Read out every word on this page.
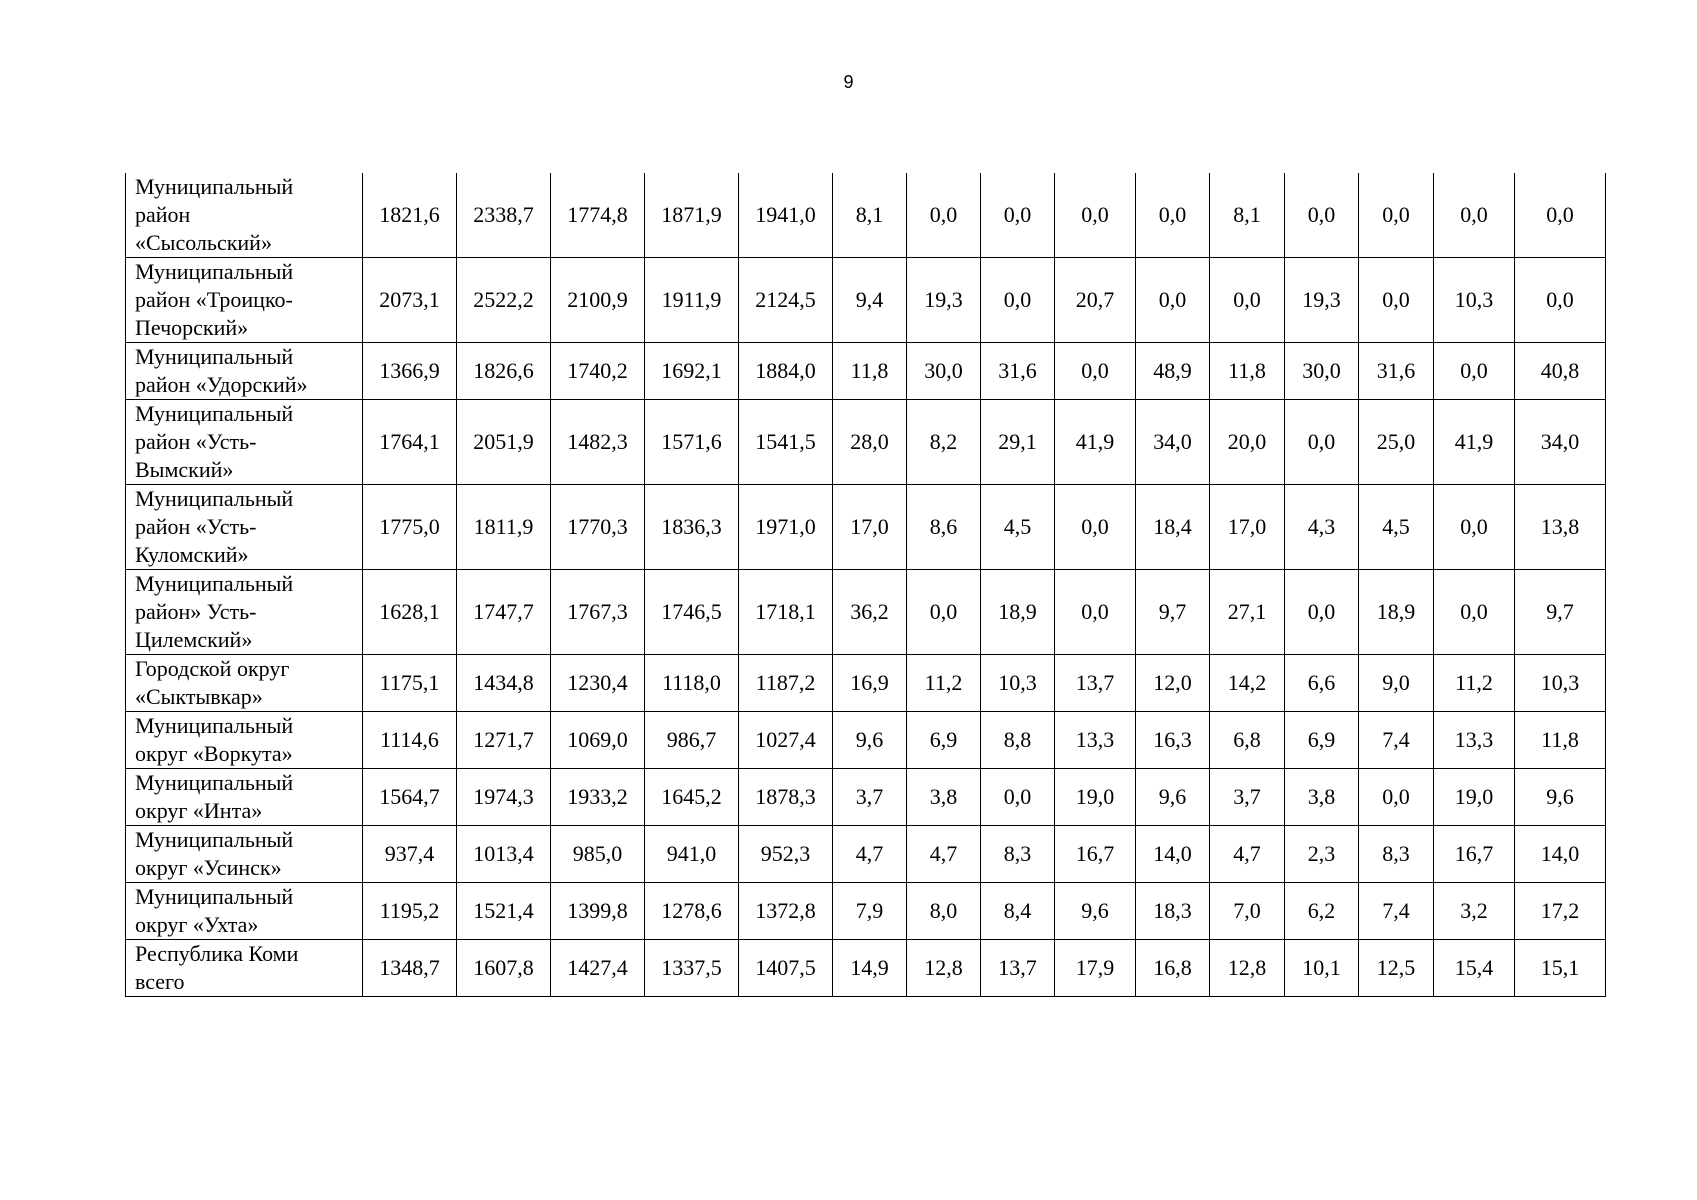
9
Муниципальный
район
«Сысольский»	1821,6	2338,7	1774,8	1871,9	1941,0	8,1	0,0	0,0	0,0	0,0	8,1	0,0	0,0	0,0	0,0

Муниципальный
район «Троицко-
Печорский»	2073,1	2522,2	2100,9	1911,9	2124,5	9,4	19,3	0,0	20,7	0,0	0,0	19,3	0,0	10,3	0,0

Муниципальный
район «Удорский»	1366,9	1826,6	1740,2	1692,1	1884,0	11,8	30,0	31,6	0,0	48,9	11,8	30,0	31,6	0,0	40,8

Муниципальный
район «Усть-
Вымский»	1764,1	2051,9	1482,3	1571,6	1541,5	28,0	8,2	29,1	41,9	34,0	20,0	0,0	25,0	41,9	34,0

Муниципальный
район «Усть-
Куломский»	1775,0	1811,9	1770,3	1836,3	1971,0	17,0	8,6	4,5	0,0	18,4	17,0	4,3	4,5	0,0	13,8

Муниципальный
район» Усть-
Цилемский»	1628,1	1747,7	1767,3	1746,5	1718,1	36,2	0,0	18,9	0,0	9,7	27,1	0,0	18,9	0,0	9,7

Городской округ
«Сыктывкар»	1175,1	1434,8	1230,4	1118,0	1187,2	16,9	11,2	10,3	13,7	12,0	14,2	6,6	9,0	11,2	10,3

Муниципальный
округ «Воркута»	1114,6	1271,7	1069,0	986,7	1027,4	9,6	6,9	8,8	13,3	16,3	6,8	6,9	7,4	13,3	11,8

Муниципальный
округ «Инта»	1564,7	1974,3	1933,2	1645,2	1878,3	3,7	3,8	0,0	19,0	9,6	3,7	3,8	0,0	19,0	9,6

Муниципальный
округ «Усинск»	937,4	1013,4	985,0	941,0	952,3	4,7	4,7	8,3	16,7	14,0	4,7	2,3	8,3	16,7	14,0

Муниципальный
округ «Ухта»	1195,2	1521,4	1399,8	1278,6	1372,8	7,9	8,0	8,4	9,6	18,3	7,0	6,2	7,4	3,2	17,2

Республика Коми
всего	1348,7	1607,8	1427,4	1337,5	1407,5	14,9	12,8	13,7	17,9	16,8	12,8	10,1	12,5	15,4	15,1
